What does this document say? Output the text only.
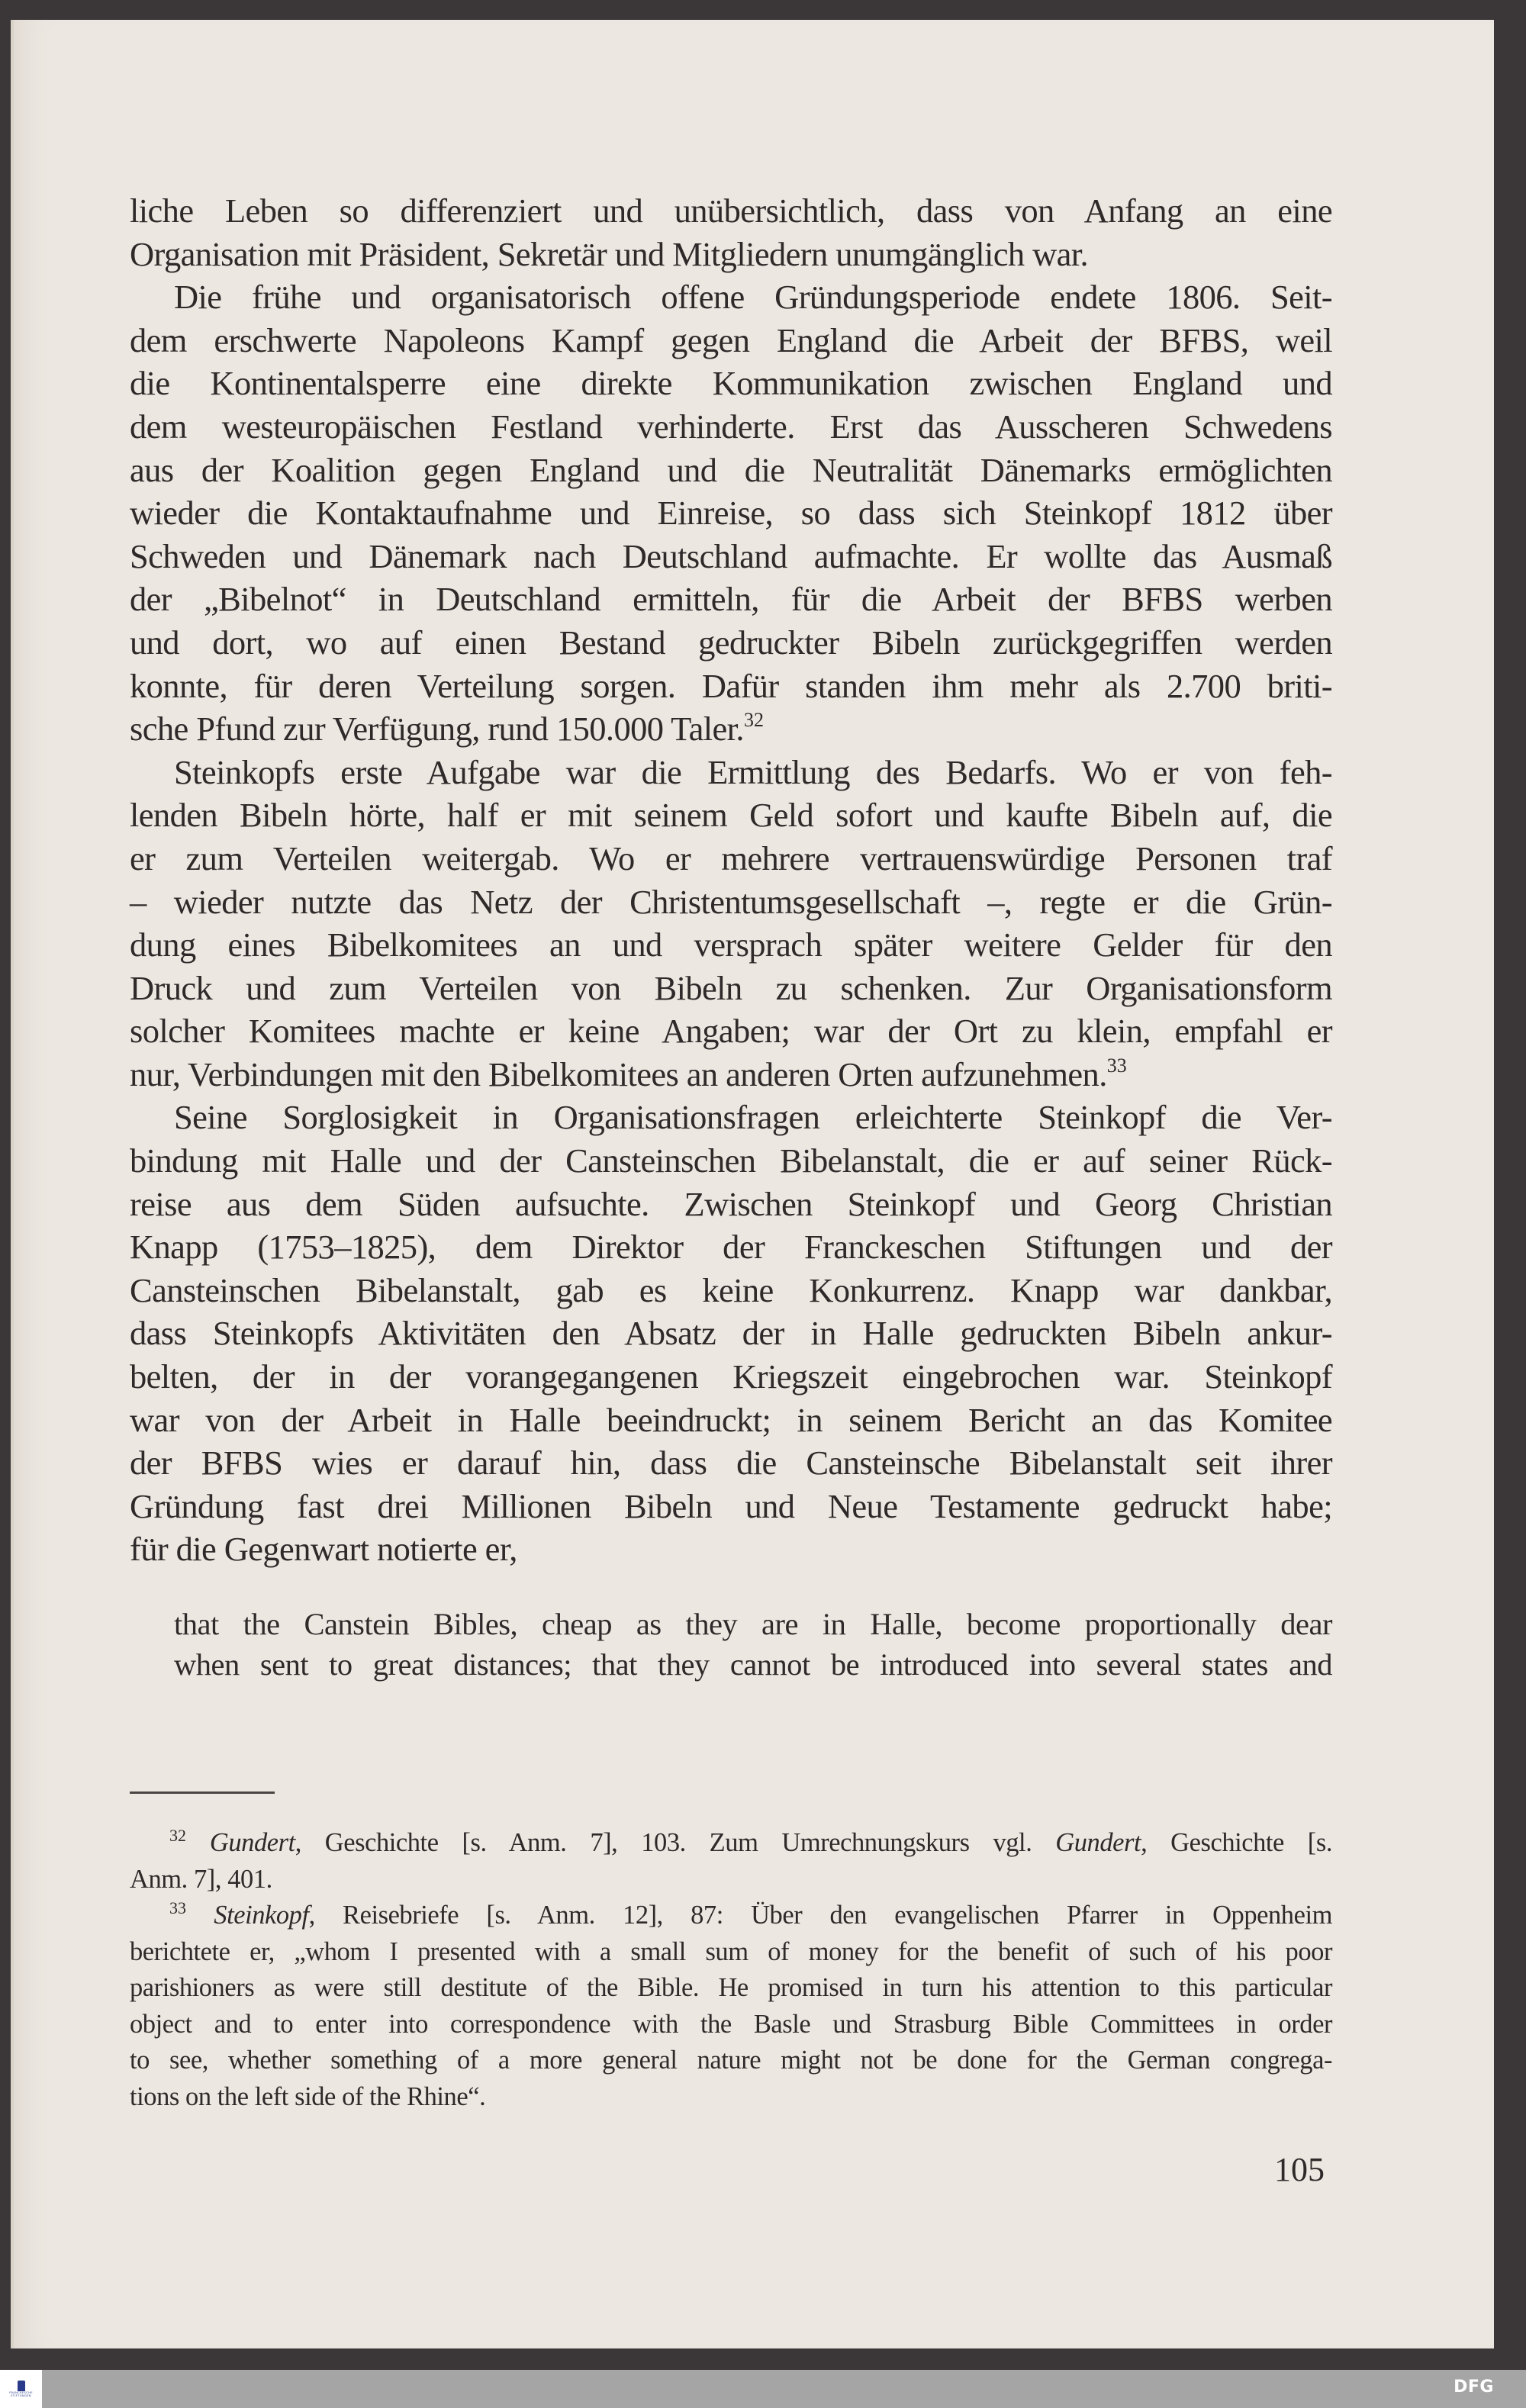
liche Leben so differenziert und unübersichtlich, dass von Anfang an eine
Organisation mit Präsident, Sekretär und Mitgliedern unumgänglich war.
Die frühe und organisatorisch offene Gründungsperiode endete 1806. Seit-
dem erschwerte Napoleons Kampf gegen England die Arbeit der BFBS, weil
die Kontinentalsperre eine direkte Kommunikation zwischen England und
dem westeuropäischen Festland verhinderte. Erst das Ausscheren Schwedens
aus der Koalition gegen England und die Neutralität Dänemarks ermöglichten
wieder die Kontaktaufnahme und Einreise, so dass sich Steinkopf 1812 über
Schweden und Dänemark nach Deutschland aufmachte. Er wollte das Ausmaß
der „Bibelnot“ in Deutschland ermitteln, für die Arbeit der BFBS werben
und dort, wo auf einen Bestand gedruckter Bibeln zurückgegriffen werden
konnte, für deren Verteilung sorgen. Dafür standen ihm mehr als 2.700 briti-
sche Pfund zur Verfügung, rund 150.000 Taler.$^{32}$
Steinkopfs erste Aufgabe war die Ermittlung des Bedarfs. Wo er von feh-
lenden Bibeln hörte, half er mit seinem Geld sofort und kaufte Bibeln auf, die
er zum Verteilen weitergab. Wo er mehrere vertrauenswürdige Personen traf
– wieder nutzte das Netz der Christentumsgesellschaft –, regte er die Grün-
dung eines Bibelkomitees an und versprach später weitere Gelder für den
Druck und zum Verteilen von Bibeln zu schenken. Zur Organisationsform
solcher Komitees machte er keine Angaben; war der Ort zu klein, empfahl er
nur, Verbindungen mit den Bibelkomitees an anderen Orten aufzunehmen.$^{33}$
Seine Sorglosigkeit in Organisationsfragen erleichterte Steinkopf die Ver-
bindung mit Halle und der Cansteinschen Bibelanstalt, die er auf seiner Rück-
reise aus dem Süden aufsuchte. Zwischen Steinkopf und Georg Christian
Knapp (1753–1825), dem Direktor der Franckeschen Stiftungen und der
Cansteinschen Bibelanstalt, gab es keine Konkurrenz. Knapp war dankbar,
dass Steinkopfs Aktivitäten den Absatz der in Halle gedruckten Bibeln ankur-
belten, der in der vorangegangenen Kriegszeit eingebrochen war. Steinkopf
war von der Arbeit in Halle beeindruckt; in seinem Bericht an das Komitee
der BFBS wies er darauf hin, dass die Cansteinsche Bibelanstalt seit ihrer
Gründung fast drei Millionen Bibeln und Neue Testamente gedruckt habe;
für die Gegenwart notierte er,
that the Canstein Bibles, cheap as they are in Halle, become proportionally dear
when sent to great distances; that they cannot be introduced into several states and
$^{32}$ Gundert, Geschichte [s. Anm. 7], 103. Zum Umrechnungskurs vgl. Gundert, Geschichte [s.
Anm. 7], 401.
$^{33}$ Steinkopf, Reisebriefe [s. Anm. 12], 87: Über den evangelischen Pfarrer in Oppenheim
berichtete er, „whom I presented with a small sum of money for the benefit of such of his poor
parishioners as were still destitute of the Bible. He promised in turn his attention to this particular
object and to enter into correspondence with the Basle und Strasburg Bible Committees in order
to see, whether something of a more general nature might not be done for the German congrega-
tions on the left side of the Rhine“.
105
FRANCKESCHE
STIFTUNGEN	DFG
